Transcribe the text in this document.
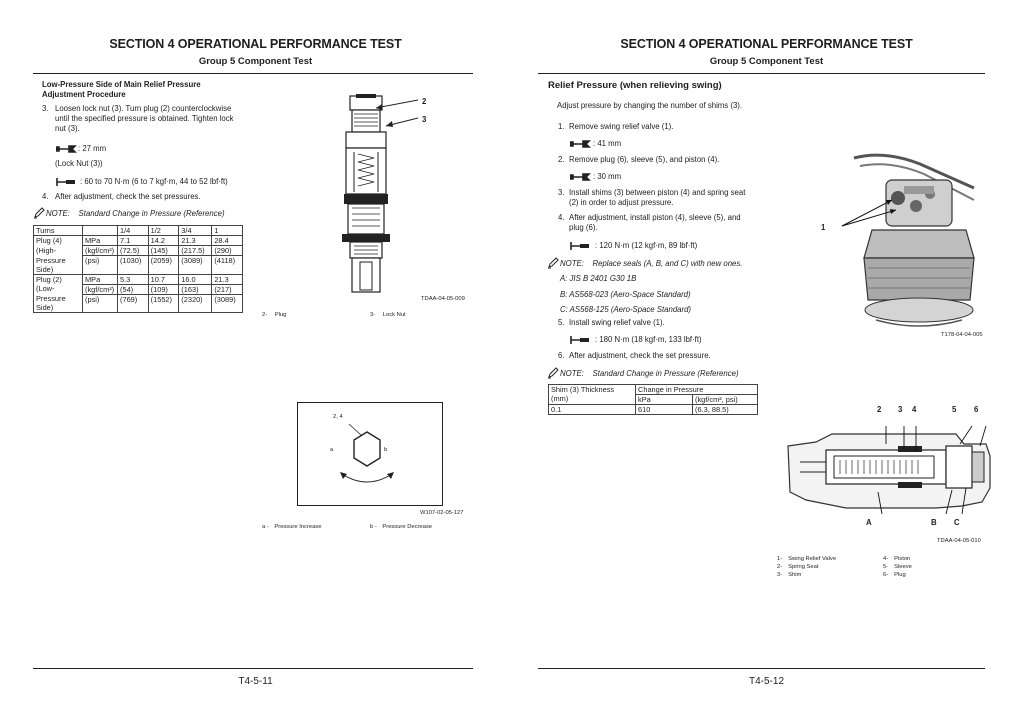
SECTION 4 OPERATIONAL PERFORMANCE TEST
Group 5 Component Test
Low-Pressure Side of Main Relief Pressure
Adjustment Procedure
3. Loosen lock nut (3). Turn plug (2) counterclockwise
until the specified pressure is obtained. Tighten lock
nut (3).
: 27 mm
(Lock Nut (3))
: 60 to 70 N·m (6 to 7 kgf·m, 44 to 52 lbf·ft)
4. After adjustment, check the set pressures.
NOTE:    Standard Change in Pressure (Reference)
Turns		1/4	1/2	3/4	1
Plug (4)	MPa	7.1	14.2	21.3	28.4
(High-	(kgf/cm²)	(72.5)	(145)	(217.5)	(290)

Pressure
Side)	(psi)	(1030)	(2059)	(3089)	(4118)
Plug (2)	MPa	5.3	10.7	16.0	21.3
(Low-	(kgf/cm²)	(54)	(109)	(163)	(217)

Pressure
Side)	(psi)	(769)	(1552)	(2320)	(3089)
2
3
TDAA-04-05-009
2- Plug	3- Lock Nut
2, 4
a	b
W107-02-05-127
a - Pressure Increase	b - Pressure Decrease
T4-5-11
SECTION 4 OPERATIONAL PERFORMANCE TEST
Group 5 Component Test
Relief Pressure (when relieving swing)
Adjust pressure by changing the number of shims (3).
1. Remove swing relief valve (1).
: 41 mm
2. Remove plug (6), sleeve (5), and piston (4).
: 30 mm
3. Install shims (3) between piston (4) and spring seat
(2) in order to adjust pressure.
4. After adjustment, install piston (4), sleeve (5), and
plug (6).
: 120 N·m (12 kgf·m, 89 lbf·ft)
NOTE:    Replace seals (A, B, and C) with new ones.
A: JIS B 2401 G30 1B
B: AS568-023 (Aero-Space Standard)
C: AS568-125 (Aero-Space Standard)
5. Install swing relief valve (1).
: 180 N·m (18 kgf·m, 133 lbf·ft)
6. After adjustment, check the set pressure.
NOTE:    Standard Change in Pressure (Reference)
Shim (3) Thickness
(mm)	Change in Pressure	
	kPa	(kgf/cm², psi)
0.1	610	(6.3, 88.5)
1
T178-04-04-005
2 3 4	5 6
A	B C
TDAA-04-05-010
1- Swing Relief Valve
2- Spring Seat
3- Shim
4- Piston
5- Sleeve
6- Plug
T4-5-12
